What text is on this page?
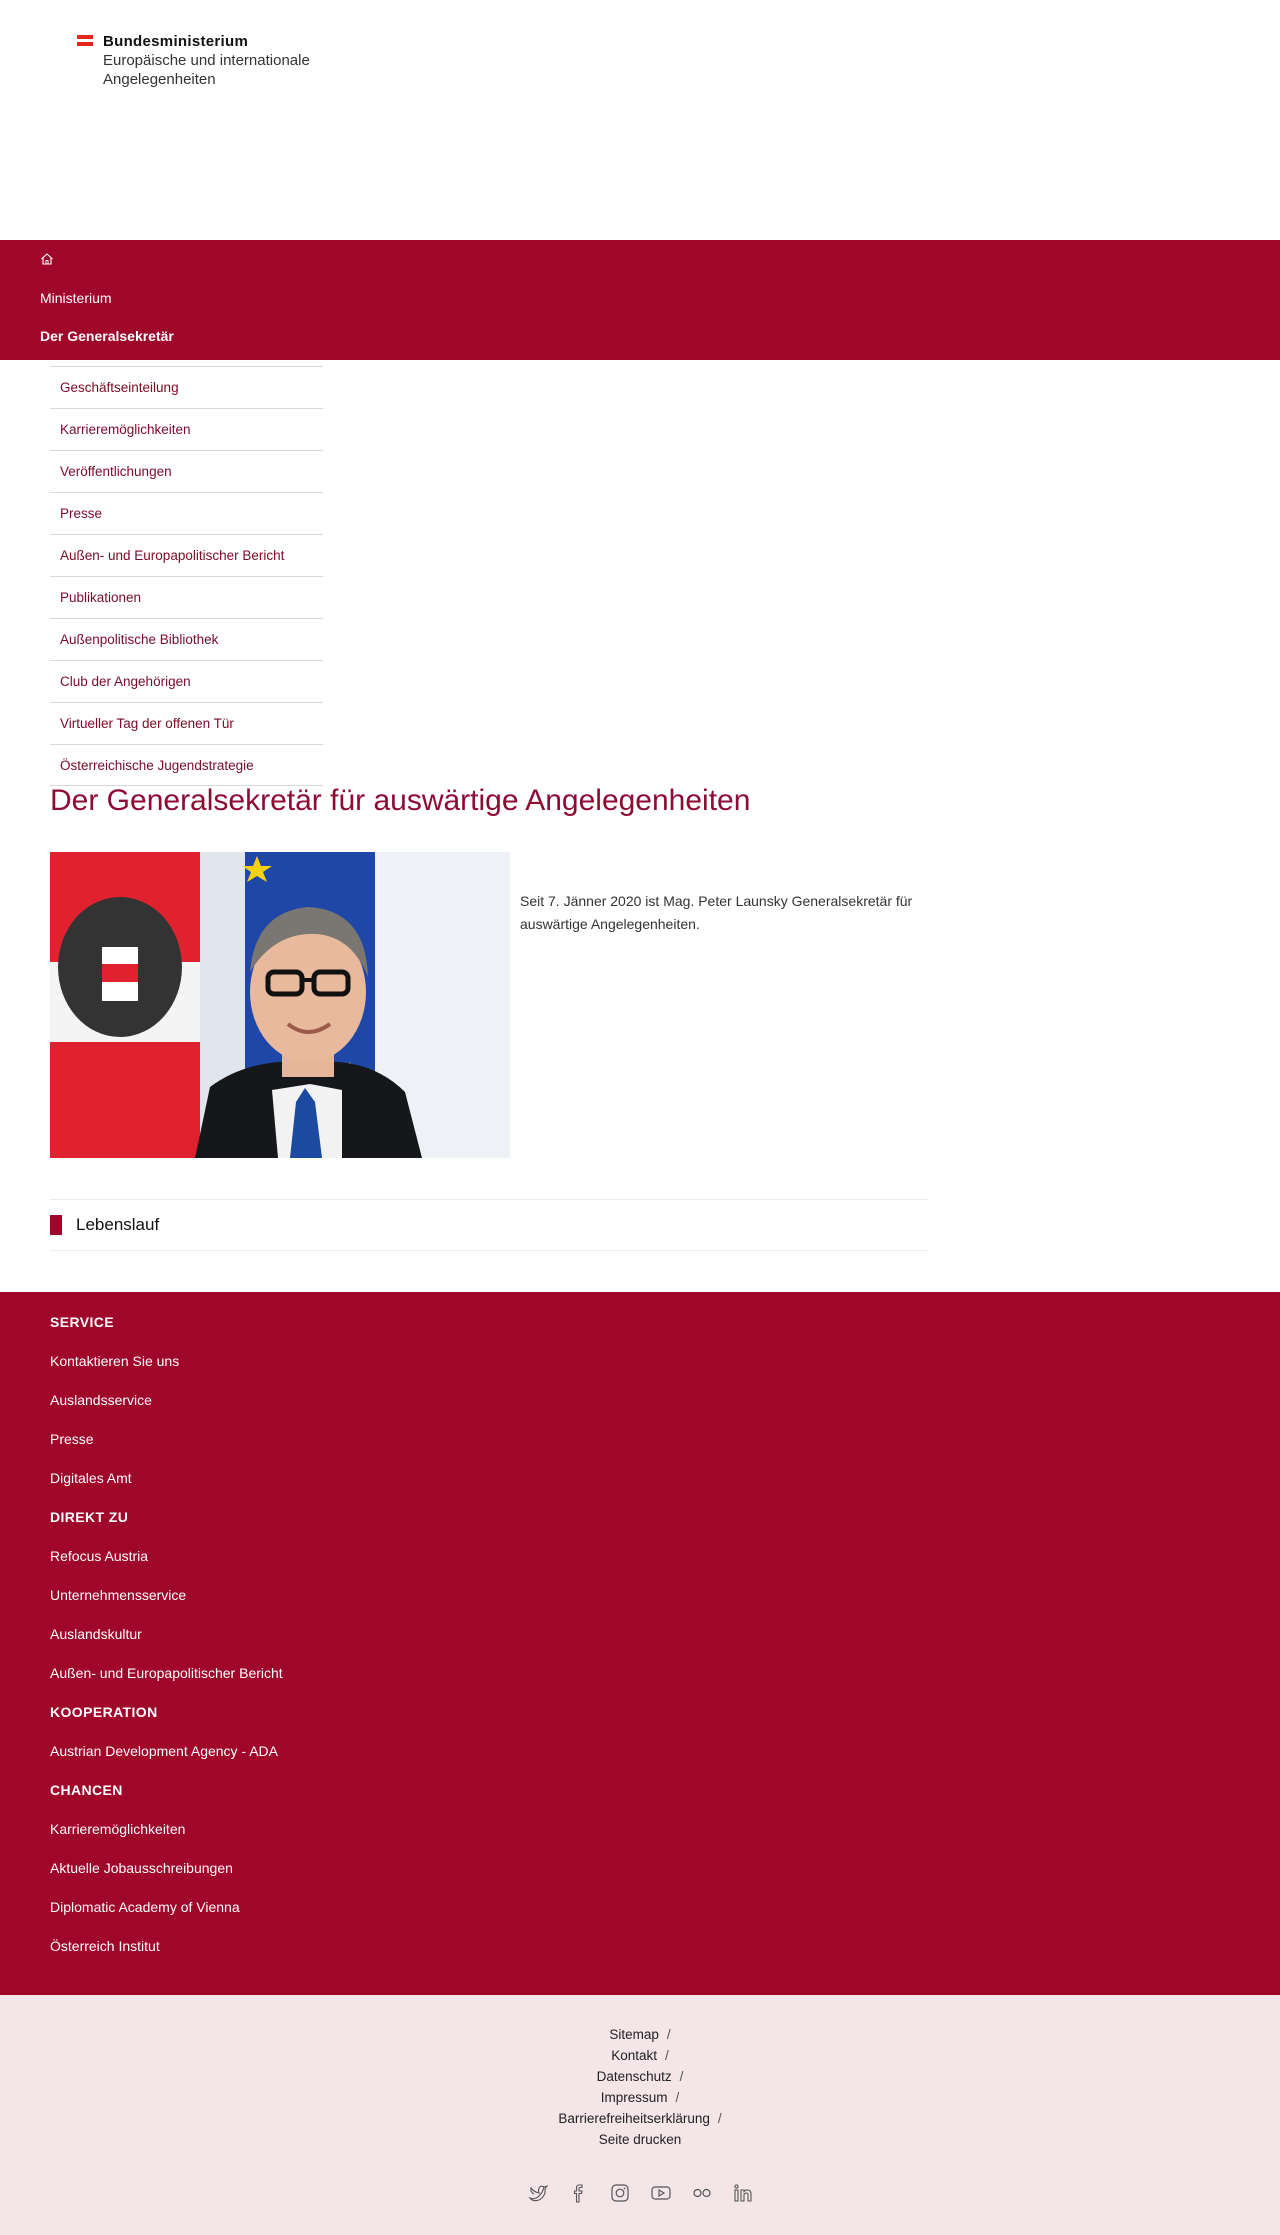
Bundesministerium
Europäische und internationale
Angelegenheiten
Ministerium
Der Generalsekretär
Geschäftseinteilung
Karrieremöglichkeiten
Veröffentlichungen
Presse
Außen- und Europapolitischer Bericht
Publikationen
Außenpolitische Bibliothek
Club der Angehörigen
Virtueller Tag der offenen Tür
Österreichische Jugendstrategie
Der Generalsekretär für auswärtige Angelegenheiten

Seit 7. Jänner 2020 ist Mag. Peter Launsky Generalsekretär für auswärtige Angelegenheiten.

Lebenslauf
SERVICE
Kontaktieren Sie uns
Auslandsservice
Presse
Digitales Amt
DIREKT ZU
Refocus Austria
Unternehmensservice
Auslandskultur
Außen- und Europapolitischer Bericht
KOOPERATION
Austrian Development Agency - ADA
CHANCEN
Karrieremöglichkeiten
Aktuelle Jobausschreibungen
Diplomatic Academy of Vienna
Österreich Institut
Sitemap /
Kontakt /
Datenschutz /
Impressum /
Barrierefreiheitserklärung /
Seite drucken
